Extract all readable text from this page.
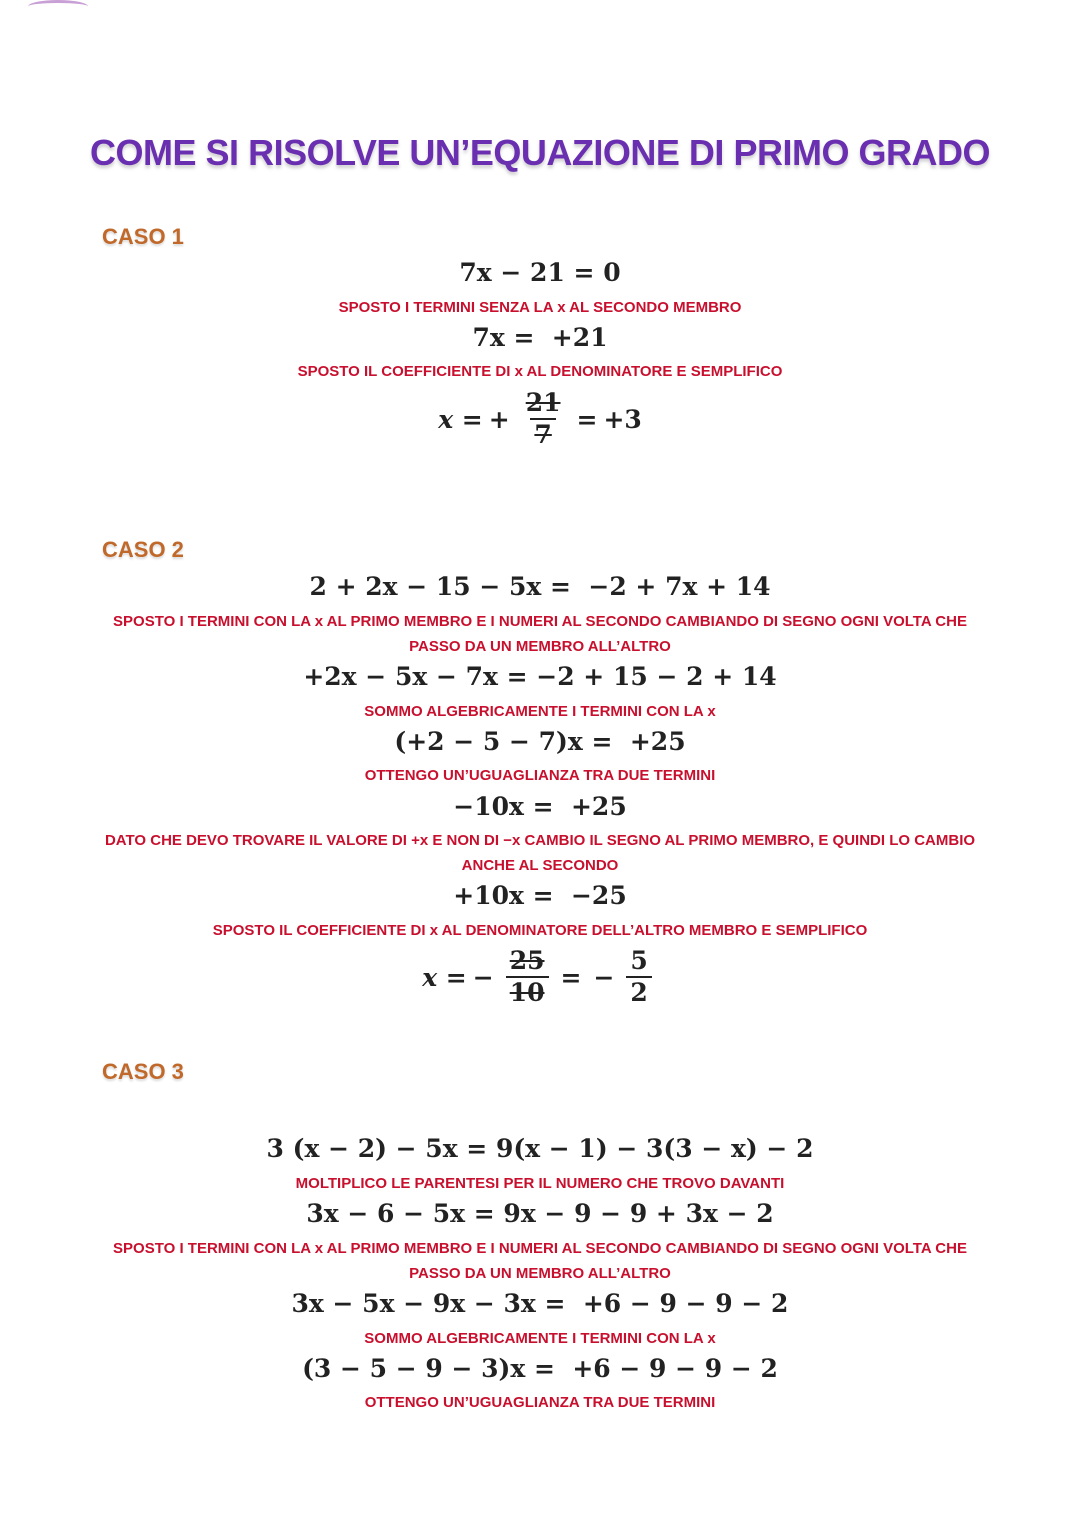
COME SI RISOLVE UN’EQUAZIONE DI PRIMO GRADO
CASO 1
7x − 21 = 0
SPOSTO I TERMINI SENZA LA x AL SECONDO MEMBRO
7x =  +21
SPOSTO IL COEFFICIENTE DI x AL DENOMINATORE E SEMPLIFICO
x = + $\frac{21}{7} = +3$
CASO 2
2 + 2x − 15 − 5x =  −2 + 7x + 14
SPOSTO I TERMINI CON LA x AL PRIMO MEMBRO E I NUMERI AL SECONDO CAMBIANDO DI SEGNO OGNI VOLTA CHE PASSO DA UN MEMBRO ALL’ALTRO
+2x − 5x − 7x = −2 + 15 − 2 + 14
SOMMO ALGEBRICAMENTE I TERMINI CON LA x
(+2 − 5 − 7)x =  +25
OTTENGO UN’UGUAGLIANZA TRA DUE TERMINI
−10x =  +25
DATO CHE DEVO TROVARE IL VALORE DI +x E NON DI −x CAMBIO IL SEGNO AL PRIMO MEMBRO, E QUINDI LO CAMBIO ANCHE AL SECONDO
+10x =  −25
SPOSTO IL COEFFICIENTE DI x AL DENOMINATORE DELL’ALTRO MEMBRO E SEMPLIFICO
x = − $\frac{25}{10}$ = − $\frac{5}{2}$
CASO 3
3 (x − 2) − 5x = 9(x − 1) − 3(3 − x) − 2
MOLTIPLICO LE PARENTESI PER IL NUMERO CHE TROVO DAVANTI
3x − 6 − 5x = 9x − 9 − 9 + 3x − 2
SPOSTO I TERMINI CON LA x AL PRIMO MEMBRO E I NUMERI AL SECONDO CAMBIANDO DI SEGNO OGNI VOLTA CHE PASSO DA UN MEMBRO ALL’ALTRO
3x − 5x − 9x − 3x =  +6 − 9 − 9 − 2
SOMMO ALGEBRICAMENTE I TERMINI CON LA x
(3 − 5 − 9 − 3)x =  +6 − 9 − 9 − 2
OTTENGO UN’UGUAGLIANZA TRA DUE TERMINI
